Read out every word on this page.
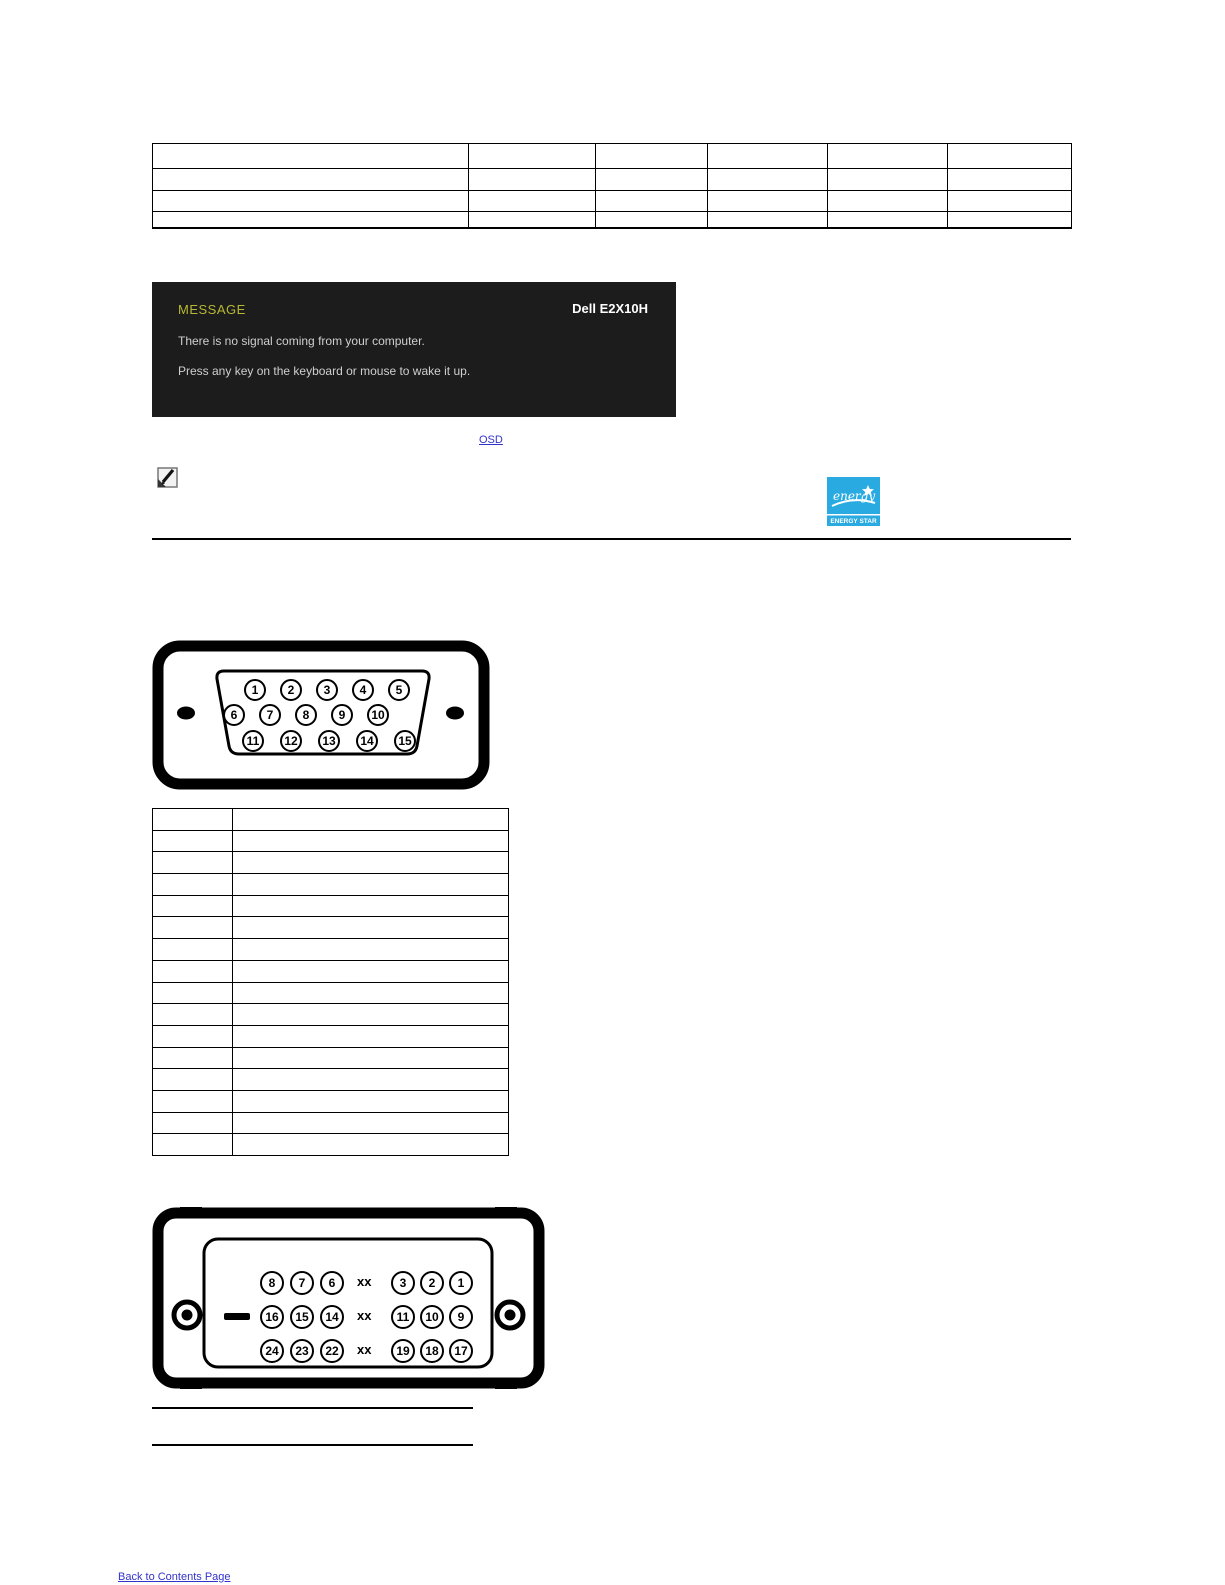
MESSAGE	Dell E2X10H
There is no signal coming from your computer.
Press any key on the keyboard or mouse to wake it up.
OSD
energy
ENERGY STAR
1	2	3	4	5
6	7	8	9	10
11	12	13	14	15

8	7	6	xx	3	2	1
16	15	14	xx	11	10	9
24	23	22	xx	19	18	17
Back to Contents Page
